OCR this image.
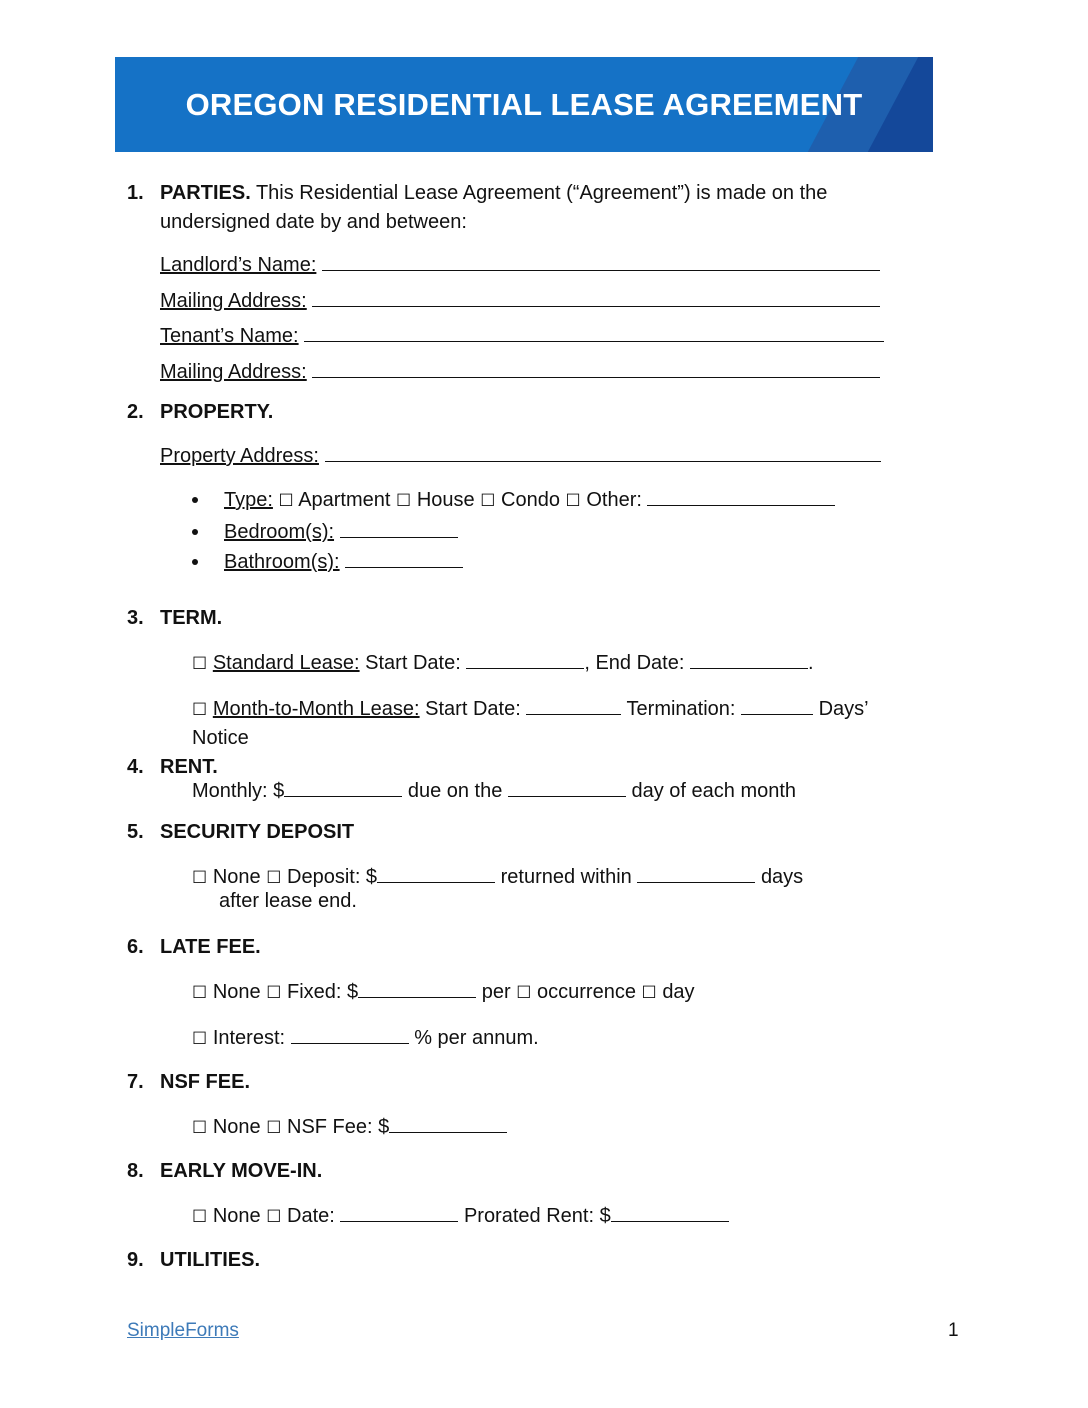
OREGON RESIDENTIAL LEASE AGREEMENT
1. PARTIES. This Residential Lease Agreement (“Agreement”) is made on the
undersigned date by and between:
Landlord’s Name:
Mailing Address:
Tenant’s Name:
Mailing Address:
2. PROPERTY.
Property Address:
Type: ☐ Apartment ☐ House ☐ Condo ☐ Other:
Bedroom(s):
Bathroom(s):
3. TERM.
☐ Standard Lease: Start Date:	, End Date:	.
☐ Month-to-Month Lease: Start Date:	Termination:	Days’
Notice
4. RENT.
Monthly: $	due on the	day of each month
5. SECURITY DEPOSIT
☐ None ☐ Deposit: $	returned within	days
after lease end.
6. LATE FEE.
☐ None ☐ Fixed: $	per ☐ occurrence ☐ day
☐ Interest:	% per annum.
7. NSF FEE.
☐ None ☐ NSF Fee: $
8. EARLY MOVE-IN.
☐ None ☐ Date:	Prorated Rent: $
9. UTILITIES.
SimpleForms	1
